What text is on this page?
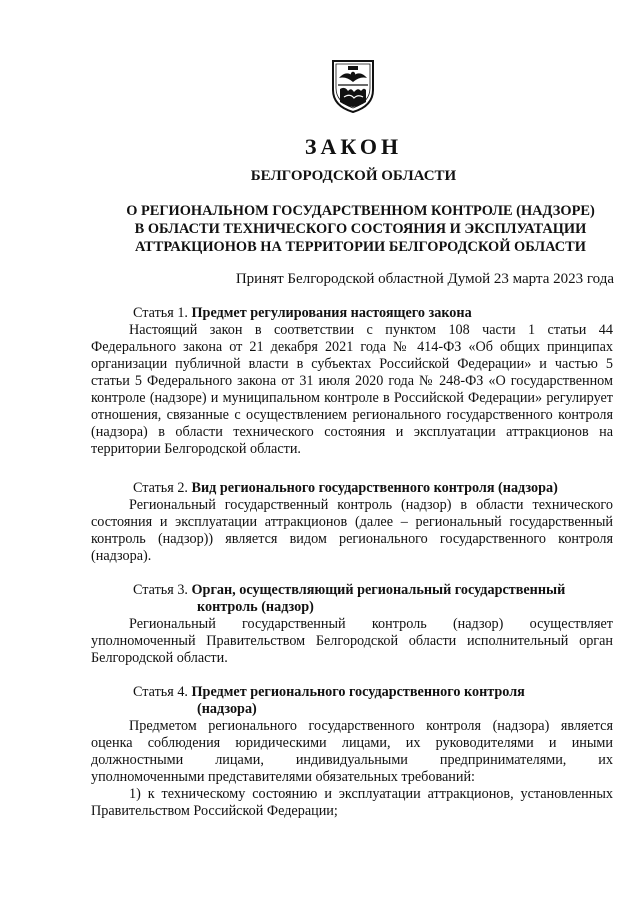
ЗАКОН
БЕЛГОРОДСКОЙ ОБЛАСТИ
О РЕГИОНАЛЬНОМ ГОСУДАРСТВЕННОМ КОНТРОЛЕ (НАДЗОРЕ)
В ОБЛАСТИ ТЕХНИЧЕСКОГО СОСТОЯНИЯ И ЭКСПЛУАТАЦИИ
АТТРАКЦИОНОВ НА ТЕРРИТОРИИ БЕЛГОРОДСКОЙ ОБЛАСТИ
Принят Белгородской областной Думой 23 марта 2023 года
Статья 1. Предмет регулирования настоящего закона

Настоящий закон в соответствии с пунктом 108 части 1 статьи 44 Федерального закона от 21 декабря 2021 года № 414-ФЗ «Об общих принципах организации публичной власти в субъектах Российской Федерации» и частью 5 статьи 5 Федерального закона от 31 июля 2020 года № 248-ФЗ «О государственном контроле (надзоре) и муниципальном контроле в Российской Федерации» регулирует отношения, связанные с осуществлением регионального государственного контроля (надзора) в области технического состояния и эксплуатации аттракционов на территории Белгородской области.

Статья 2. Вид регионального государственного контроля (надзора)

Региональный государственный контроль (надзор) в области технического состояния и эксплуатации аттракционов (далее – региональный государственный контроль (надзор)) является видом регионального государственного контроля (надзора).

Статья 3. Орган, осуществляющий региональный государственный
контроль (надзор)

Региональный государственный контроль (надзор) осуществляет уполномоченный Правительством Белгородской области исполнительный орган Белгородской области.

Статья 4. Предмет регионального государственного контроля
(надзора)

Предметом регионального государственного контроля (надзора) является оценка соблюдения юридическими лицами, их руководителями и иными должностными лицами, индивидуальными предпринимателями, их уполномоченными представителями обязательных требований:

1) к техническому состоянию и эксплуатации аттракционов, установленных Правительством Российской Федерации;
